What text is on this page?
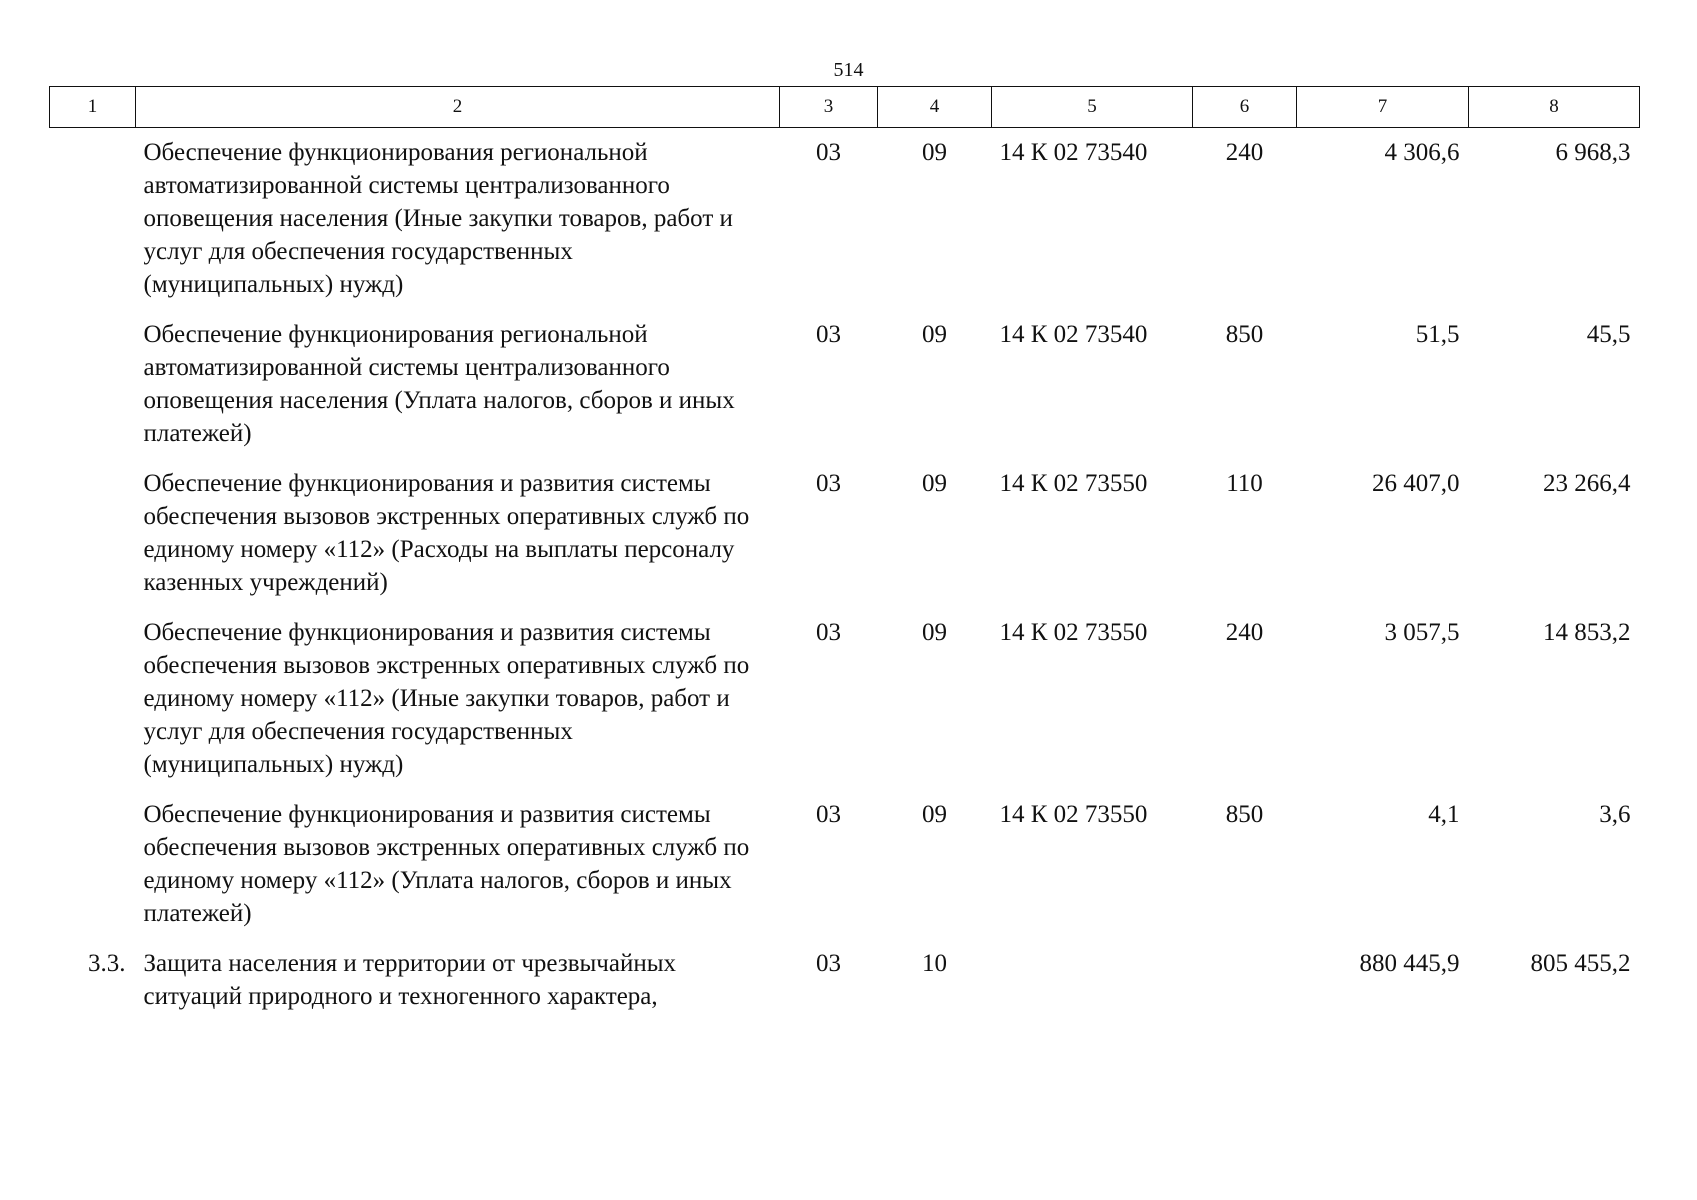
514
1	2	3	4	5	6	7	8
	Обеспечение функционирования региональной автоматизированной системы централизованного оповещения населения (Иные закупки товаров, работ и услуг для обеспечения государственных (муниципальных) нужд)	03	09	14 К 02 73540	240	4 306,6	6 968,3
	Обеспечение функционирования региональной автоматизированной системы централизованного оповещения населения (Уплата налогов, сборов и иных платежей)	03	09	14 К 02 73540	850	51,5	45,5
	Обеспечение функционирования и развития системы обеспечения вызовов экстренных оперативных служб по единому номеру «112» (Расходы на выплаты персоналу казенных учреждений)	03	09	14 К 02 73550	110	26 407,0	23 266,4
	Обеспечение функционирования и развития системы обеспечения вызовов экстренных оперативных служб по единому номеру «112» (Иные закупки товаров, работ и услуг для обеспечения государственных (муниципальных) нужд)	03	09	14 К 02 73550	240	3 057,5	14 853,2
	Обеспечение функционирования и развития системы обеспечения вызовов экстренных оперативных служб по единому номеру «112» (Уплата налогов, сборов и иных платежей)	03	09	14 К 02 73550	850	4,1	3,6
3.3.	Защита населения и территории от чрезвычайных ситуаций природного и техногенного характера,	03	10			880 445,9	805 455,2
